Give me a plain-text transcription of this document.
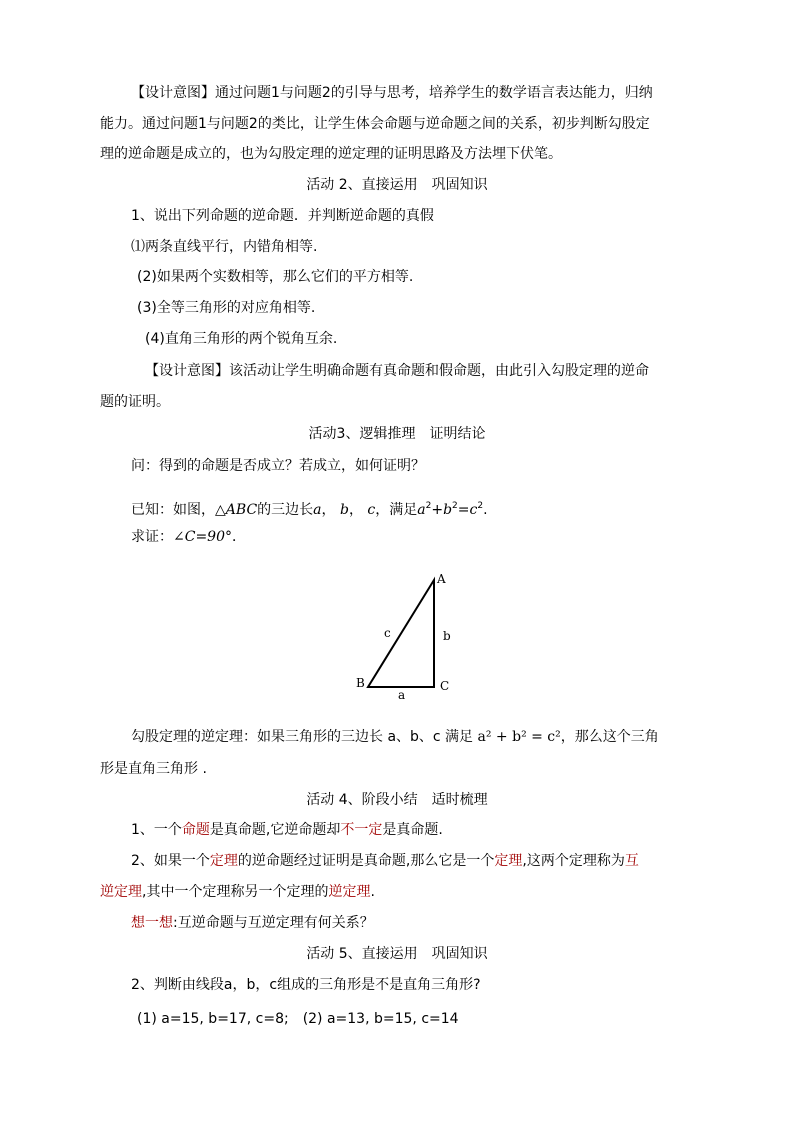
【设计意图】通过问题1与问题2的引导与思考，培养学生的数学语言表达能力，归纳
能力。通过问题1与问题2的类比，让学生体会命题与逆命题之间的关系，初步判断勾股定
理的逆命题是成立的，也为勾股定理的逆定理的证明思路及方法埋下伏笔。
活动 2、直接运用　巩固知识
1、说出下列命题的逆命题．并判断逆命题的真假
⑴两条直线平行，内错角相等.
(2)如果两个实数相等，那么它们的平方相等.
(3)全等三角形的对应角相等.
(4)直角三角形的两个锐角互余.
【设计意图】该活动让学生明确命题有真命题和假命题，由此引入勾股定理的逆命
题的证明。
活动3、逻辑推理　证明结论
问：得到的命题是否成立？若成立，如何证明？
已知：如图，△ABC的三边长a， b， c，满足$a^2+b^2=c^2$.
求证：∠C=90°．
A
B	C
a
b
c
勾股定理的逆定理：如果三角形的三边长 a、b、c 满足 a² + b² = c²，那么这个三角
形是直角三角形 .
活动 4、阶段小结　适时梳理
1、一个命题是真命题,它逆命题却不一定是真命题.
2、如果一个定理的逆命题经过证明是真命题,那么它是一个定理,这两个定理称为互
逆定理,其中一个定理称另一个定理的逆定理.
想一想:互逆命题与互逆定理有何关系？
活动 5、直接运用　巩固知识
2、判断由线段a，b，c组成的三角形是不是直角三角形?
(1) a=15, b=17, c=8;　(2) a=13, b=15, c=14
